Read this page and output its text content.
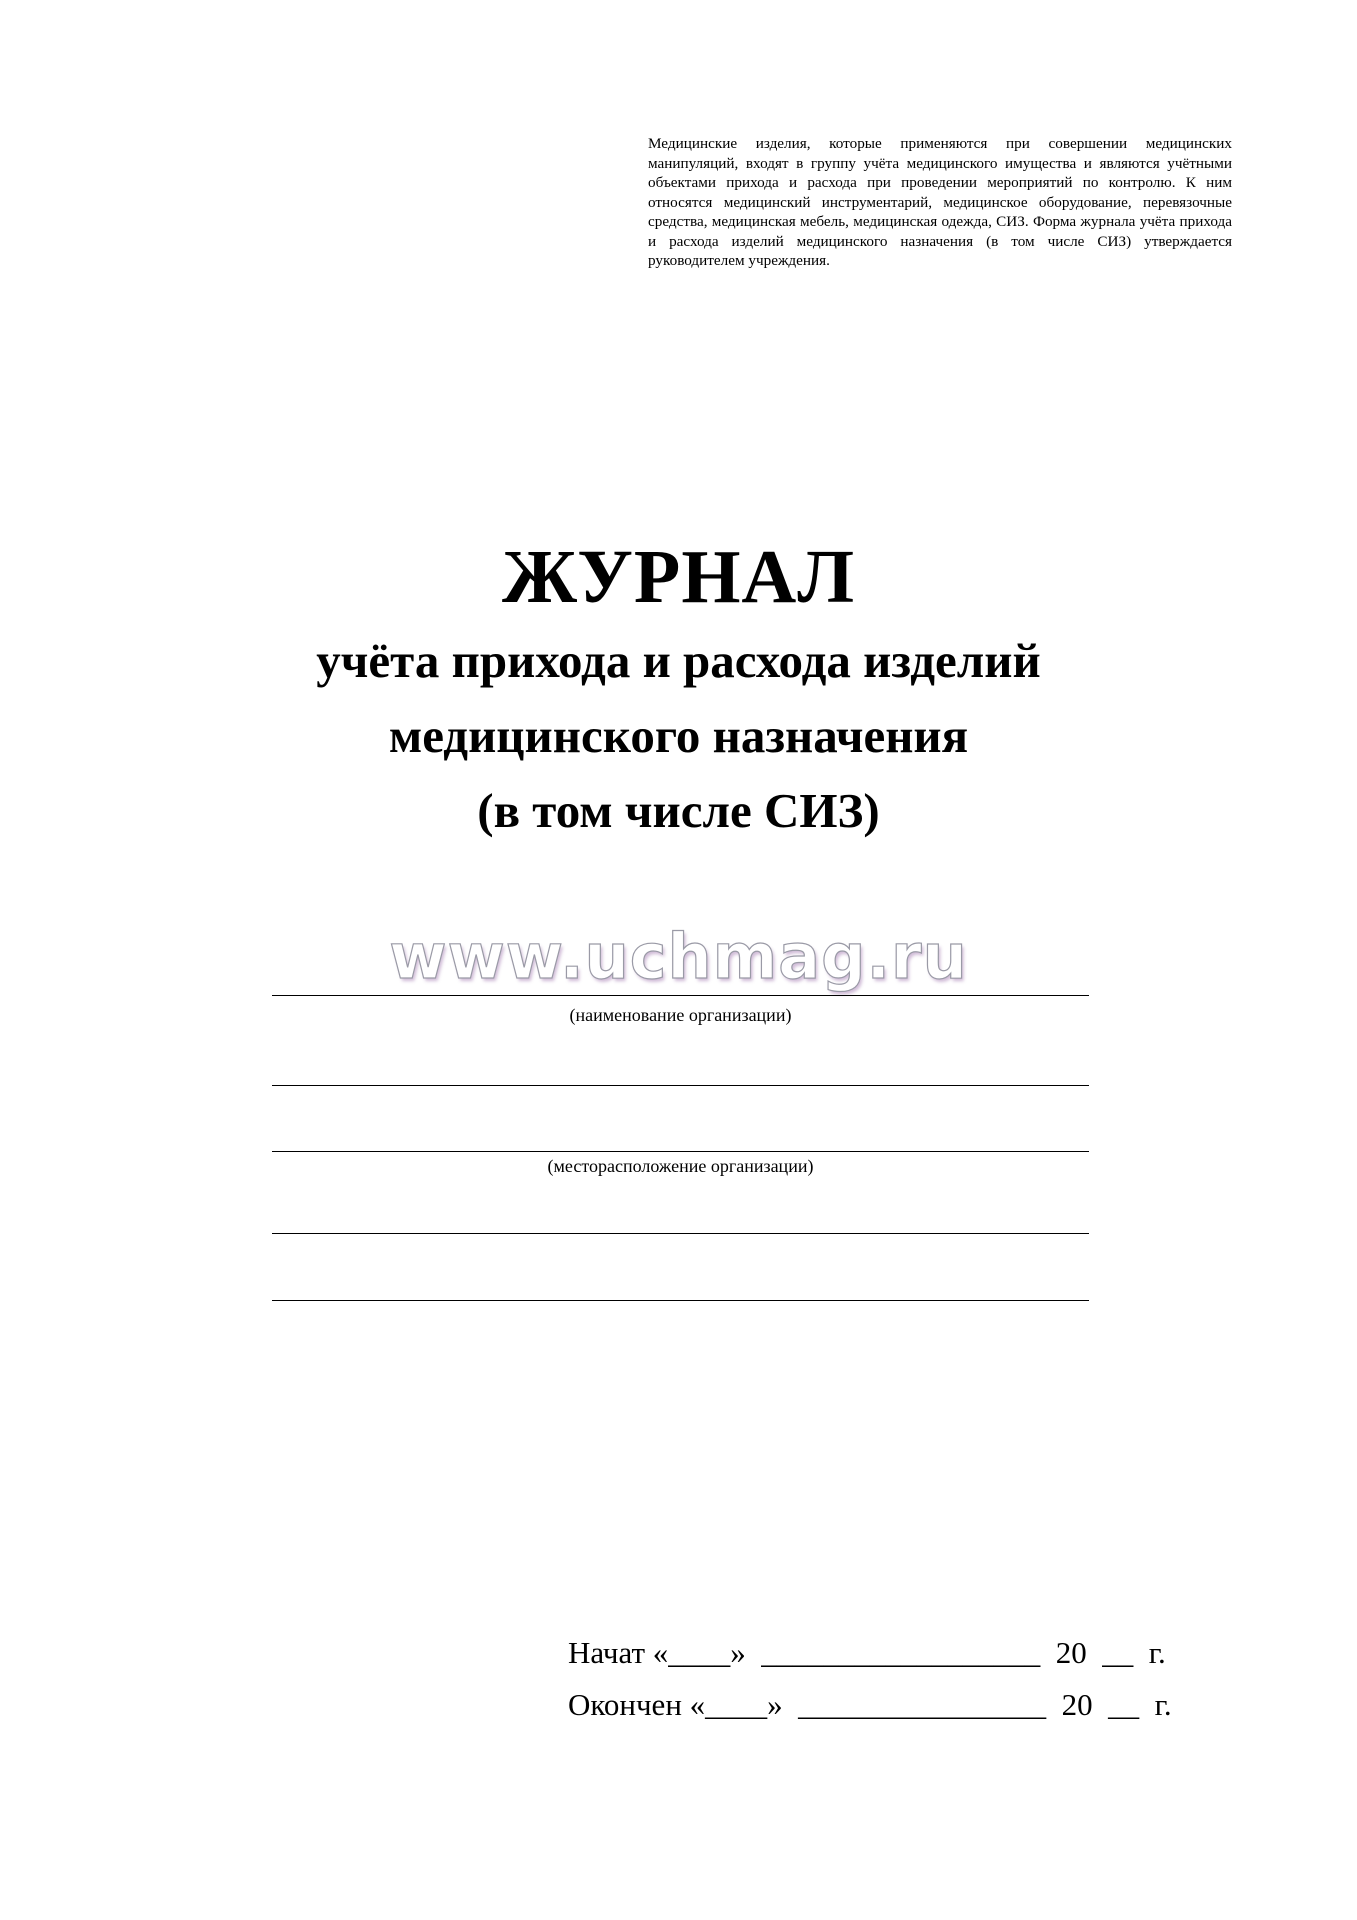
Медицинские изделия, которые применяются при совершении медицинских манипуляций, входят в группу учёта медицинского имущества и являются учётными объектами прихода и расхода при проведении мероприятий по контролю. К ним относятся медицинский инструментарий, медицинское оборудование, перевязочные средства, медицинская мебель, медицинская одежда, СИЗ. Форма журнала учёта прихода и расхода изделий медицинского назначения (в том числе СИЗ) утверждается руководителем учреждения.
ЖУРНАЛ
учёта прихода и расхода изделий
медицинского назначения
(в том числе СИЗ)
www.uchmag.ru
(наименование организации)
(месторасположение организации)
Начат «____»  __________________  20  __  г.
Окончен «____»  ________________  20  __  г.
